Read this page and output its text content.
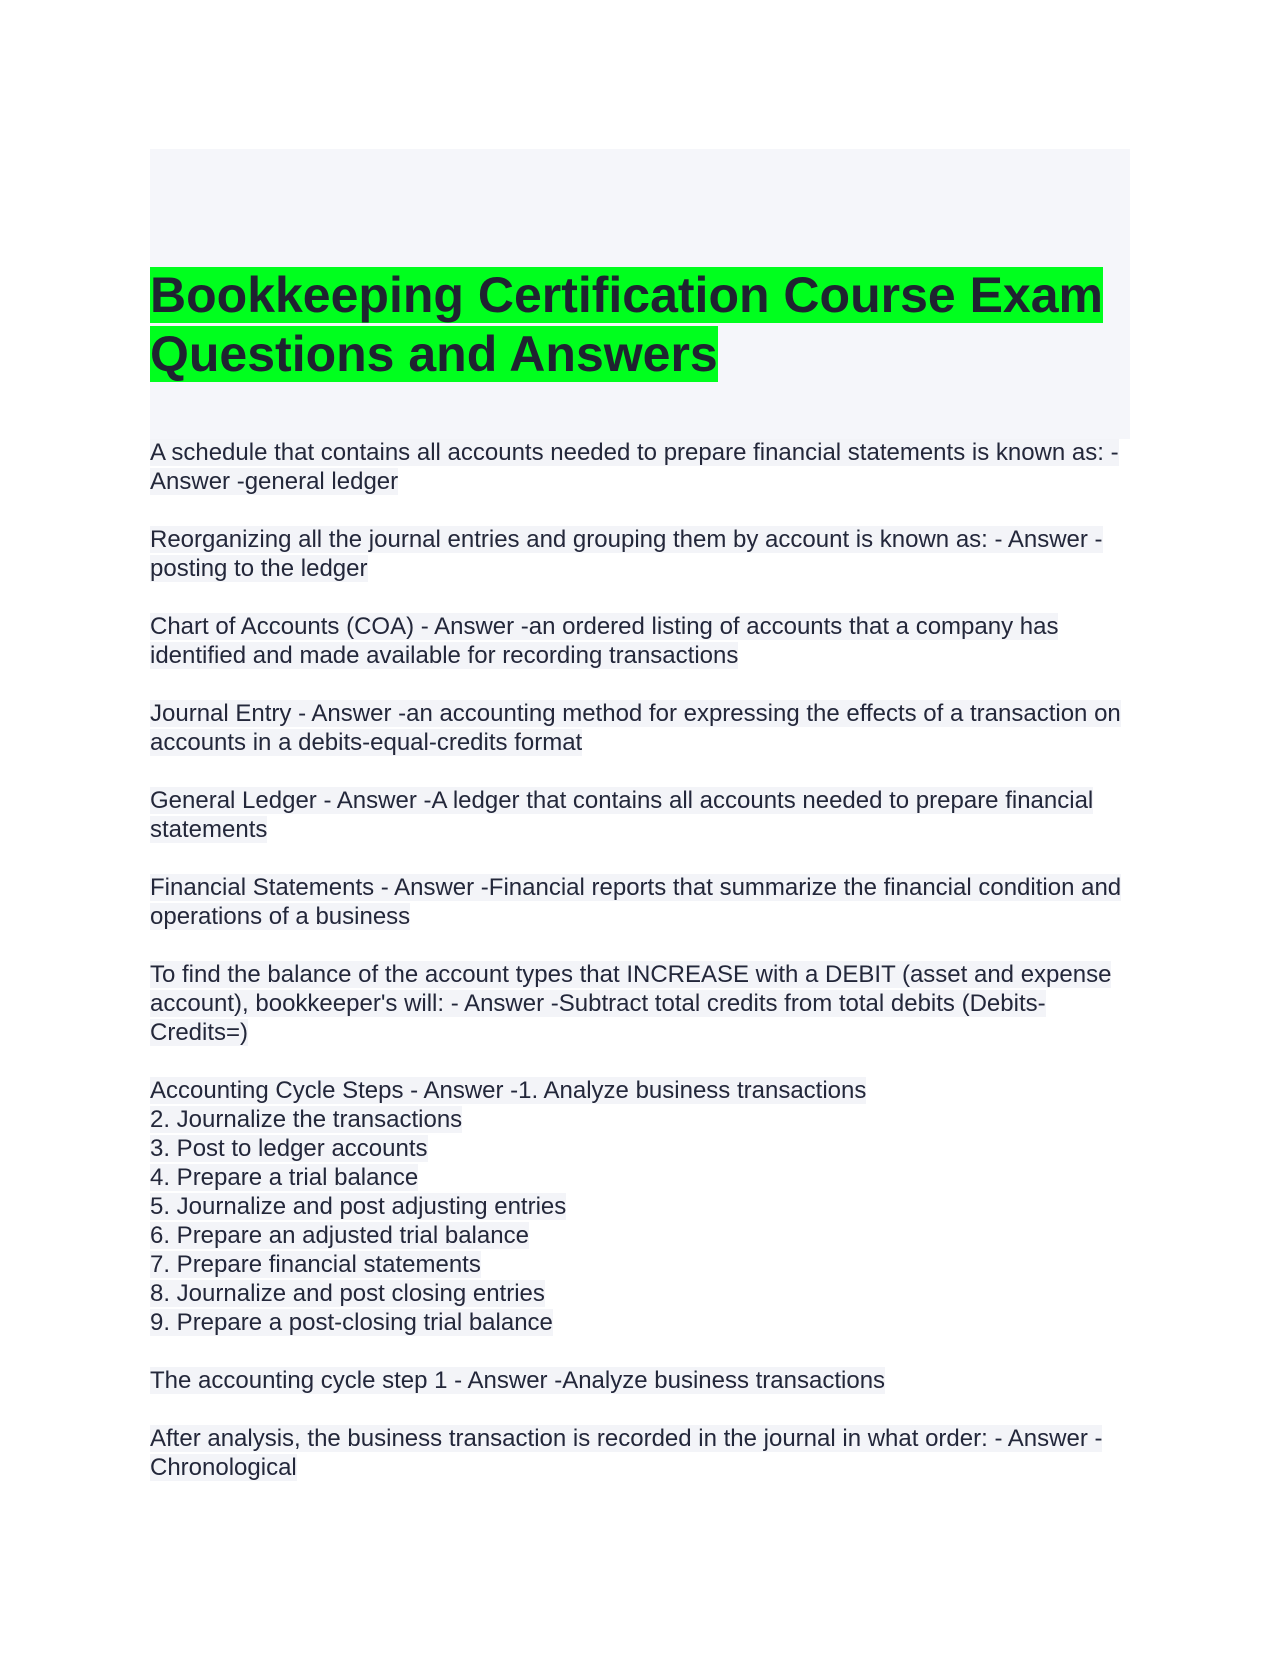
Bookkeeping Certification Course Exam Questions and Answers

A schedule that contains all accounts needed to prepare financial statements is known as: - Answer -general ledger

Reorganizing all the journal entries and grouping them by account is known as: - Answer -posting to the ledger

Chart of Accounts (COA) - Answer -an ordered listing of accounts that a company has identified and made available for recording transactions

Journal Entry - Answer -an accounting method for expressing the effects of a transaction on accounts in a debits-equal-credits format

General Ledger - Answer -A ledger that contains all accounts needed to prepare financial statements

Financial Statements - Answer -Financial reports that summarize the financial condition and operations of a business

To find the balance of the account types that INCREASE with a DEBIT (asset and expense account), bookkeeper's will: - Answer -Subtract total credits from total debits (Debits-Credits=)

Accounting Cycle Steps - Answer -1. Analyze business transactions
2. Journalize the transactions
3. Post to ledger accounts
4. Prepare a trial balance
5. Journalize and post adjusting entries
6. Prepare an adjusted trial balance
7. Prepare financial statements
8. Journalize and post closing entries
9. Prepare a post-closing trial balance

The accounting cycle step 1 - Answer -Analyze business transactions

After analysis, the business transaction is recorded in the journal in what order: - Answer -Chronological
